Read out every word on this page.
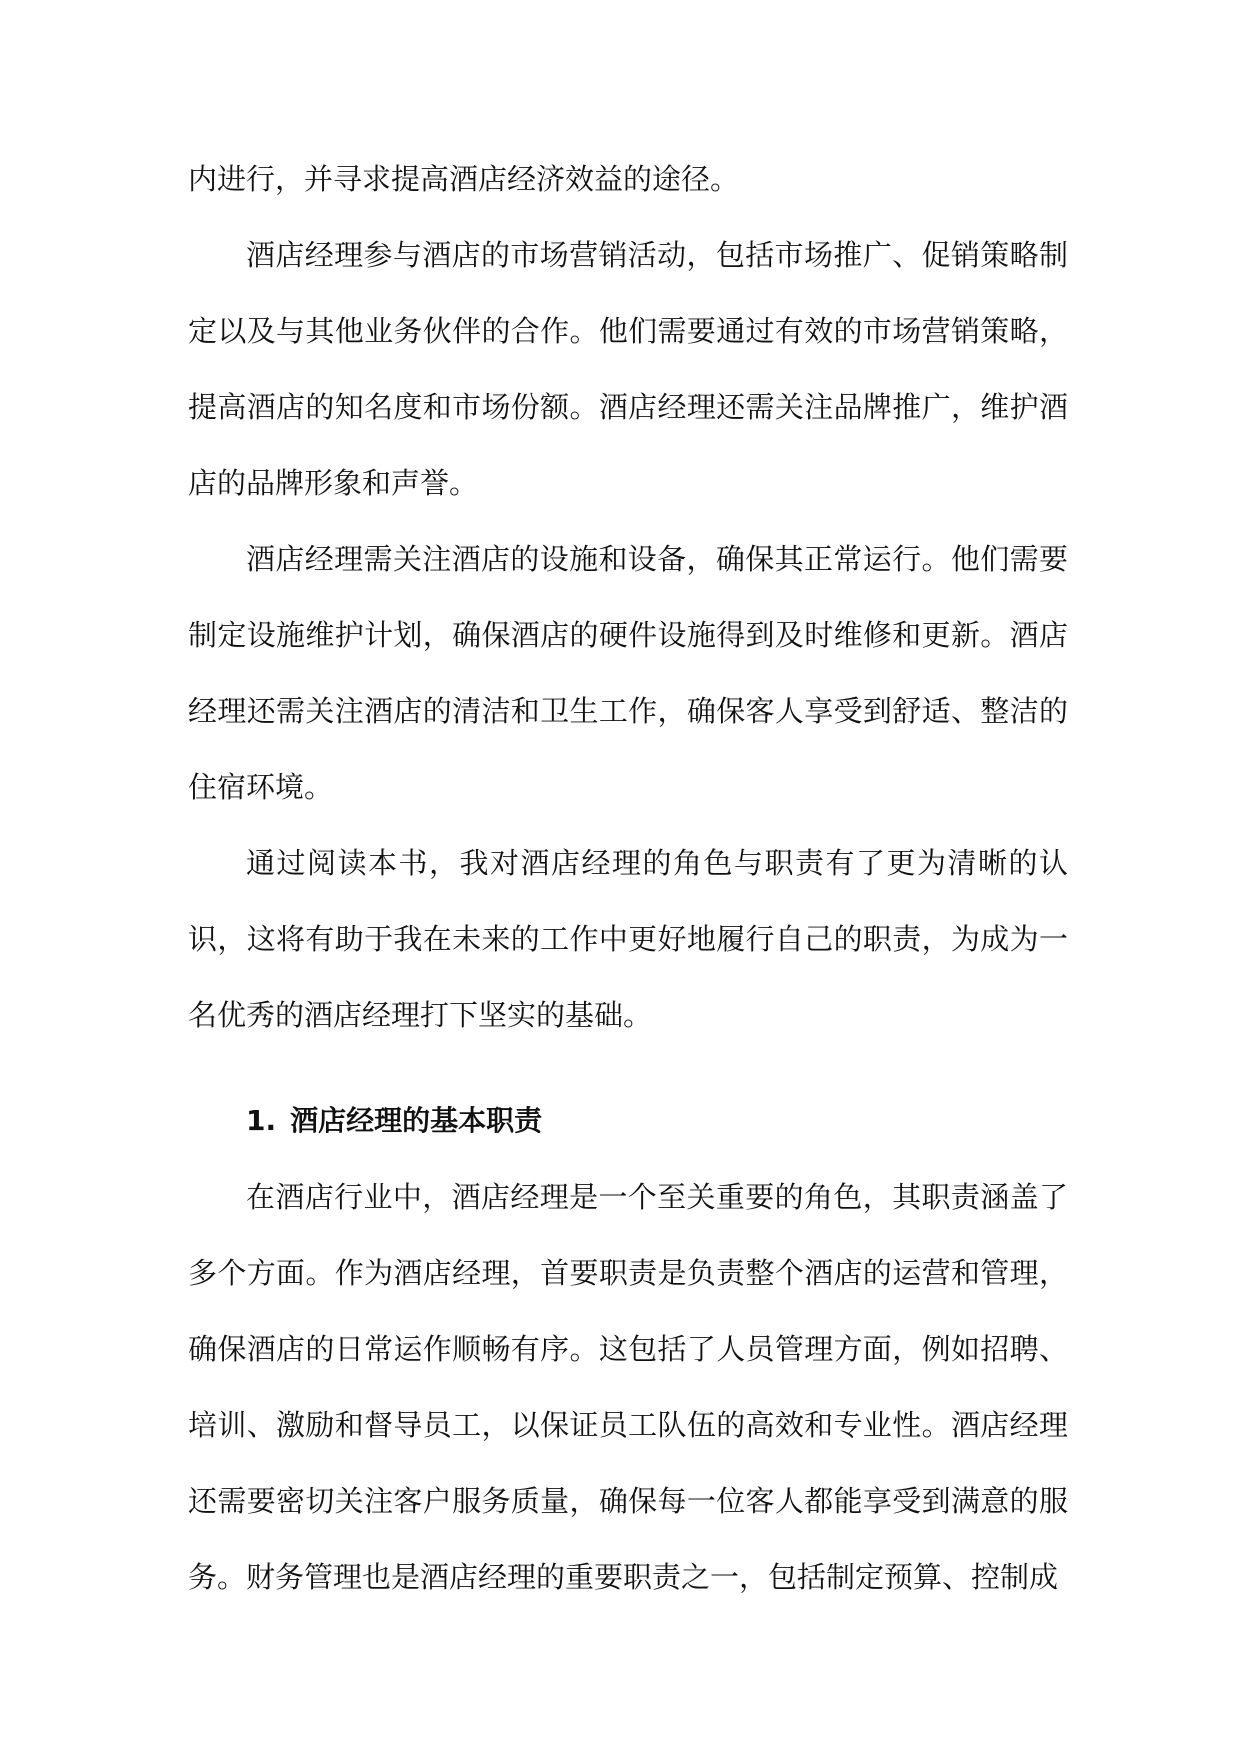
内进行，并寻求提高酒店经济效益的途径。

酒店经理参与酒店的市场营销活动，包括市场推广、促销策略制定以及与其他业务伙伴的合作。他们需要通过有效的市场营销策略，提高酒店的知名度和市场份额。酒店经理还需关注品牌推广，维护酒店的品牌形象和声誉。

酒店经理需关注酒店的设施和设备，确保其正常运行。他们需要制定设施维护计划，确保酒店的硬件设施得到及时维修和更新。酒店经理还需关注酒店的清洁和卫生工作，确保客人享受到舒适、整洁的住宿环境。

通过阅读本书，我对酒店经理的角色与职责有了更为清晰的认识，这将有助于我在未来的工作中更好地履行自己的职责，为成为一名优秀的酒店经理打下坚实的基础。

1. 酒店经理的基本职责

在酒店行业中，酒店经理是一个至关重要的角色，其职责涵盖了多个方面。作为酒店经理，首要职责是负责整个酒店的运营和管理，确保酒店的日常运作顺畅有序。这包括了人员管理方面，例如招聘、培训、激励和督导员工，以保证员工队伍的高效和专业性。酒店经理还需要密切关注客户服务质量，确保每一位客人都能享受到满意的服务。财务管理也是酒店经理的重要职责之一，包括制定预算、控制成
